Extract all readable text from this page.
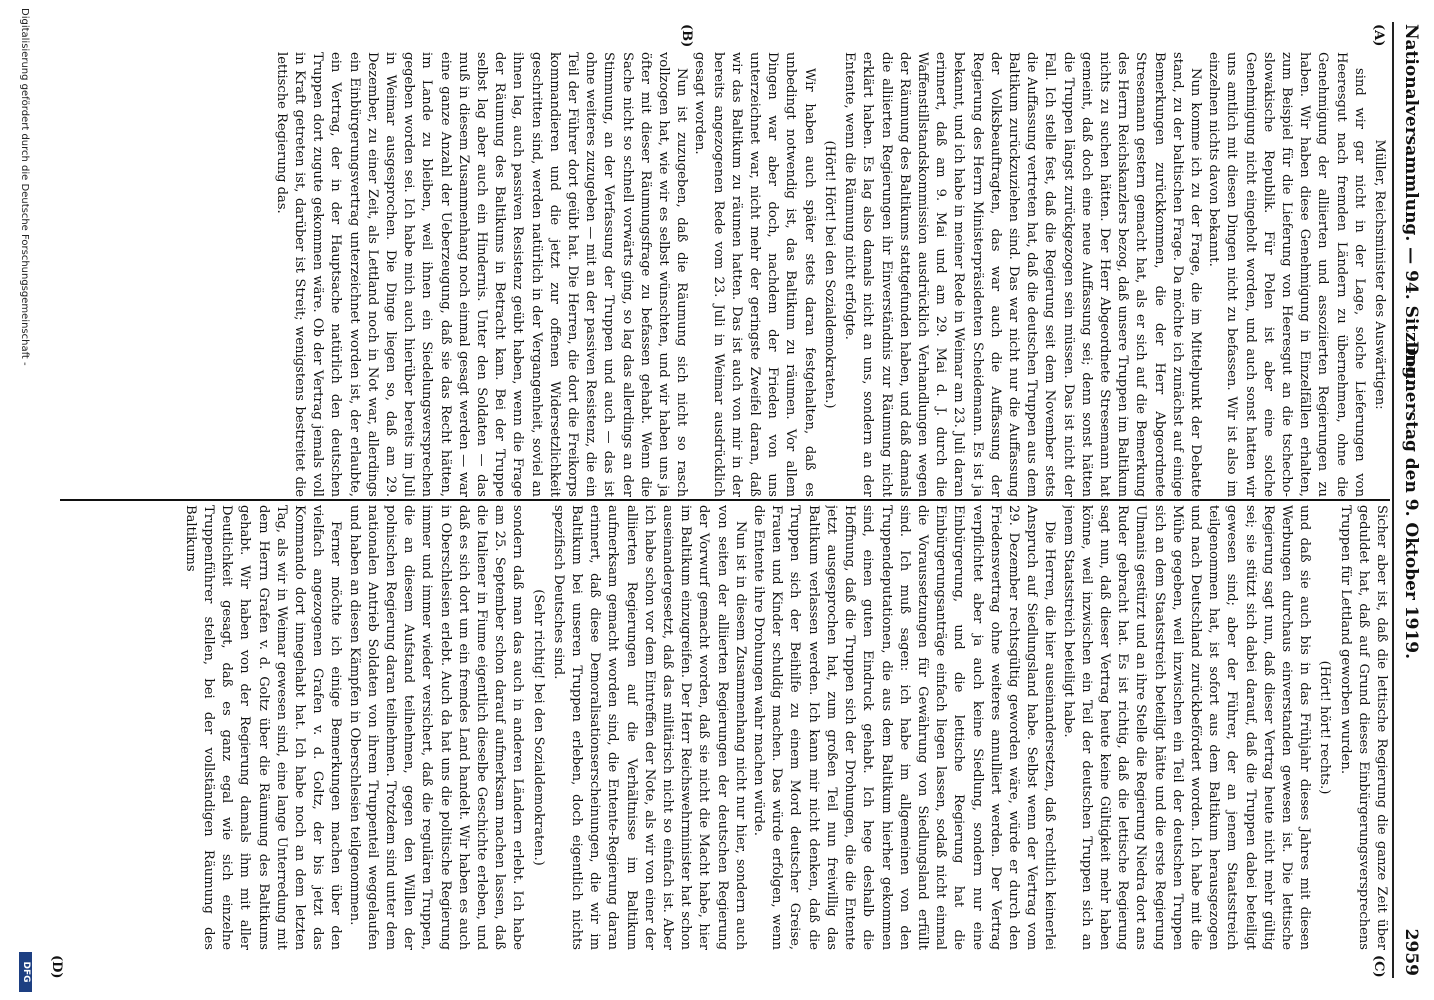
Nationalversammlung. — 94. Sitzung.
Donnerstag den 9. Oktober 1919.
2959
(A)
(B)
(C)
(D)

Müller, Reichsminister des Auswärtigen:

sind wir gar nicht in der Lage, solche Lieferungen von Heeresgut nach fremden Ländern zu übernehmen, ohne die Genehmigung der alliierten und assoziierten Regierungen zu haben. Wir haben diese Genehmigung in Einzelfällen erhalten, zum Beispiel für die Lieferung von Heeresgut an die tschecho-slowakische Republik. Für Polen ist aber eine solche Genehmigung nicht eingeholt worden, und auch sonst hatten wir uns amtlich mit diesen Dingen nicht zu befassen. Wir ist also im einzelnen nichts davon bekannt.

Nun komme ich zu der Frage, die im Mittelpunkt der Debatte stand, zu der baltischen Frage. Da möchte ich zunächst auf einige Bemerkungen zurückkommen, die der Herr Abgeordnete Stresemann gestern gemacht hat, als er sich auf die Bemerkung des Herrn Reichskanzlers bezog, daß unsere Truppen im Baltikum nichts zu suchen hätten. Der Herr Abgeordnete Stresemann hat gemeint, daß doch eine neue Auffassung sei; denn sonst hätten die Truppen längst zurückgezogen sein müssen. Das ist nicht der Fall. Ich stelle fest, daß die Regierung seit dem November stets die Auffassung vertreten hat, daß die deutschen Truppen aus dem Baltikum zurückzuziehen sind. Das war nicht nur die Auffassung der Volksbeauftragten, das war auch die Auffassung der Regierung des Herrn Ministerpräsidenten Scheidemann. Es ist ja bekannt, und ich habe in meiner Rede in Weimar am 23. Juli daran erinnert, daß am 9. Mai und am 29. Mai d. J. durch die Waffenstillstandskommission ausdrücklich Verhandlungen wegen der Räumung des Baltikums stattgefunden haben, und daß damals die alliierten Regierungen ihr Einverständnis zur Räumung nicht erklärt haben. Es lag also damals nicht an uns, sondern an der Entente, wenn die Räumung nicht erfolgte.

(Hört! Hört! bei den Sozialdemokraten.)

Wir haben auch später stets daran festgehalten, daß es unbedingt notwendig ist, das Baltikum zu räumen. Vor allem Dingen war aber doch, nachdem der Frieden von uns unterzeichnet war, nicht mehr der geringste Zweifel daran, daß wir das Baltikum zu räumen hatten. Das ist auch von mir in der bereits angezogenen Rede vom 23. Juli in Weimar ausdrücklich gesagt worden.

Nun ist zuzugeben, daß die Räumung sich nicht so rasch vollzogen hat, wie wir es selbst wünschten, und wir haben uns ja öfter mit dieser Räumungsfrage zu befassen gehabt. Wenn die Sache nicht so schnell vorwärts ging, so lag das allerdings an der Stimmung, an der Verfassung der Truppen und auch — das ist ohne weiteres zuzugeben — mit an der passiven Resistenz, die ein Teil der Führer dort geübt hat. Die Herren, die dort die Freikorps kommandieren und die jetzt zur offenen Widersetzlichkeit geschritten sind, werden natürlich in der Vergangenheit, soviel an ihnen lag, auch passiven Resistenz geübt haben, wenn die Frage der Räumung des Baltikums in Betracht kam. Bei der Truppe selbst lag aber auch ein Hindernis. Unter den Soldaten — das muß in diesem Zusammenhang noch einmal gesagt werden — war eine ganze Anzahl der Ueberzeugung, daß sie das Recht hätten, im Lande zu bleiben, weil ihnen ein Siedelungsversprechen gegeben worden sei. Ich habe mich auch hierüber bereits im Juli in Weimar ausgesprochen. Die Dinge liegen so, daß am 29. Dezember, zu einer Zeit, als Lettland noch in Not war, allerdings ein Einbürgerungsvertrag unterzeichnet worden ist, der erlaubte, ein Vertrag, der in der Hauptsache natürlich den deutschen Truppen dort zugute gekommen wäre. Ob der Vertrag jemals voll in Kraft getreten ist, darüber ist Streit; wenigstens bestreitet die lettische Regierung das.

Sicher aber ist, daß die lettische Regierung die ganze Zeit über geduldet hat, daß auf Grund dieses Einbürgerungsversprechens Truppen für Lettland geworben wurden.

(Hört! hört! rechts.)

und daß sie auch bis in das Frühjahr dieses Jahres mit diesen Werbungen durchaus einverstanden gewesen ist. Die lettische Regierung sagt nun, daß dieser Vertrag heute nicht mehr gültig sei; sie stützt sich dabei darauf, daß die Truppen dabei beteiligt gewesen sind; aber der Führer, der an jenem Staatsstreich teilgenommen hat, ist sofort aus dem Baltikum herausgezogen und nach Deutschland zurückbefördert worden. Ich habe mit die Mühe gegeben, weil inzwischen ein Teil der deutschen Truppen sich an dem Staatsstreich beteiligt hätte und die erste Regierung Ulmanis gestürzt und an ihre Stelle die Regierung Niedra dort ans Ruder gebracht hat. Es ist richtig, daß die lettische Regierung sagt nun, daß dieser Vertrag heute keine Gültigkeit mehr haben könne, weil inzwischen ein Teil der deutschen Truppen sich an jenem Staatsstreich beteiligt habe.

Die Herren, die hier auseinandersetzen, daß rechtlich keinerlei Anspruch auf Siedlungsland habe. Selbst wenn der Vertrag vom 29. Dezember rechtsgültig geworden wäre, würde er durch den Friedensvertrag ohne weiteres annulliert werden. Der Vertrag verpflichtet aber ja auch keine Siedlung, sondern nur eine Einbürgerung, und die lettische Regierung hat die Einbürgerungsanträge einfach liegen lassen, sodaß nicht einmal die Voraussetzungen für Gewährung von Siedlungsland erfüllt sind. Ich muß sagen: ich habe im allgemeinen von den Truppendeputationen, die aus dem Baltikum hierher gekommen sind, einen guten Eindruck gehabt. Ich hege deshalb die Hoffnung, daß die Truppen sich der Drohungen, die die Entente jetzt ausgesprochen hat, zum großen Teil nun freiwillig das Baltikum verlassen werden. Ich kann mir nicht denken, daß die Truppen sich der Beihilfe zu einem Mord deutscher Greise, Frauen und Kinder schuldig machen. Das würde erfolgen, wenn die Entente ihre Drohungen wahr machen würde.

Nun ist in diesem Zusammenhang nicht nur hier, sondern auch von seiten der alliierten Regierungen der deutschen Regierung der Vorwurf gemacht worden, daß sie nicht die Macht habe, hier im Baltikum einzugreifen. Der Herr Reichswehrminister hat schon auseinandergesetzt, daß das militärisch nicht so einfach ist. Aber ich habe schon vor dem Eintreffen der Note, als wir von einer der alliierten Regierungen auf die Verhältnisse im Baltikum aufmerksam gemacht worden sind, die Entente-Regierung daran erinnert, daß diese Demoralisationserscheinungen, die wir im Baltikum bei unseren Truppen erleben, doch eigentlich nichts spezifisch Deutsches sind.

(Sehr richtig! bei den Sozialdemokraten.)

sondern daß man das auch in anderen Ländern erlebt. Ich habe am 25. September schon darauf aufmerksam machen lassen, daß die Italiener in Fiume eigentlich dieselbe Geschichte erleben, und daß es sich dort um ein fremdes Land handelt. Wir haben es auch in Oberschlesien erlebt. Auch da hat uns die politische Regierung immer und immer wieder versichert, daß die regulären Truppen, die an diesem Aufstand teilnehmen, gegen den Willen der polnischen Regierung daran teilnehmen. Trotzdem sind unter dem nationalen Antrieb Soldaten von ihrem Truppenteil weggelaufen und haben an diesen Kämpfen in Oberschlesien teilgenommen.

Ferner möchte ich einige Bemerkungen machen über den vielfach angezogenen Grafen v. d. Goltz, der bis jetzt das Kommando dort innegehabt hat. Ich habe noch an dem letzten Tag, als wir in Weimar gewesen sind, eine lange Unterredung mit dem Herrn Grafen v. d. Goltz über die Räumung des Baltikums gehabt. Wir haben von der Regierung damals ihm mit aller Deutlichkeit gesagt, daß es ganz egal wie sich einzelne Truppenführer stellen, bei der vollständigen Räumung des Baltikums

Digitalisierung gefördert durch die Deutsche Forschungsgemeinschaft -
DFG
